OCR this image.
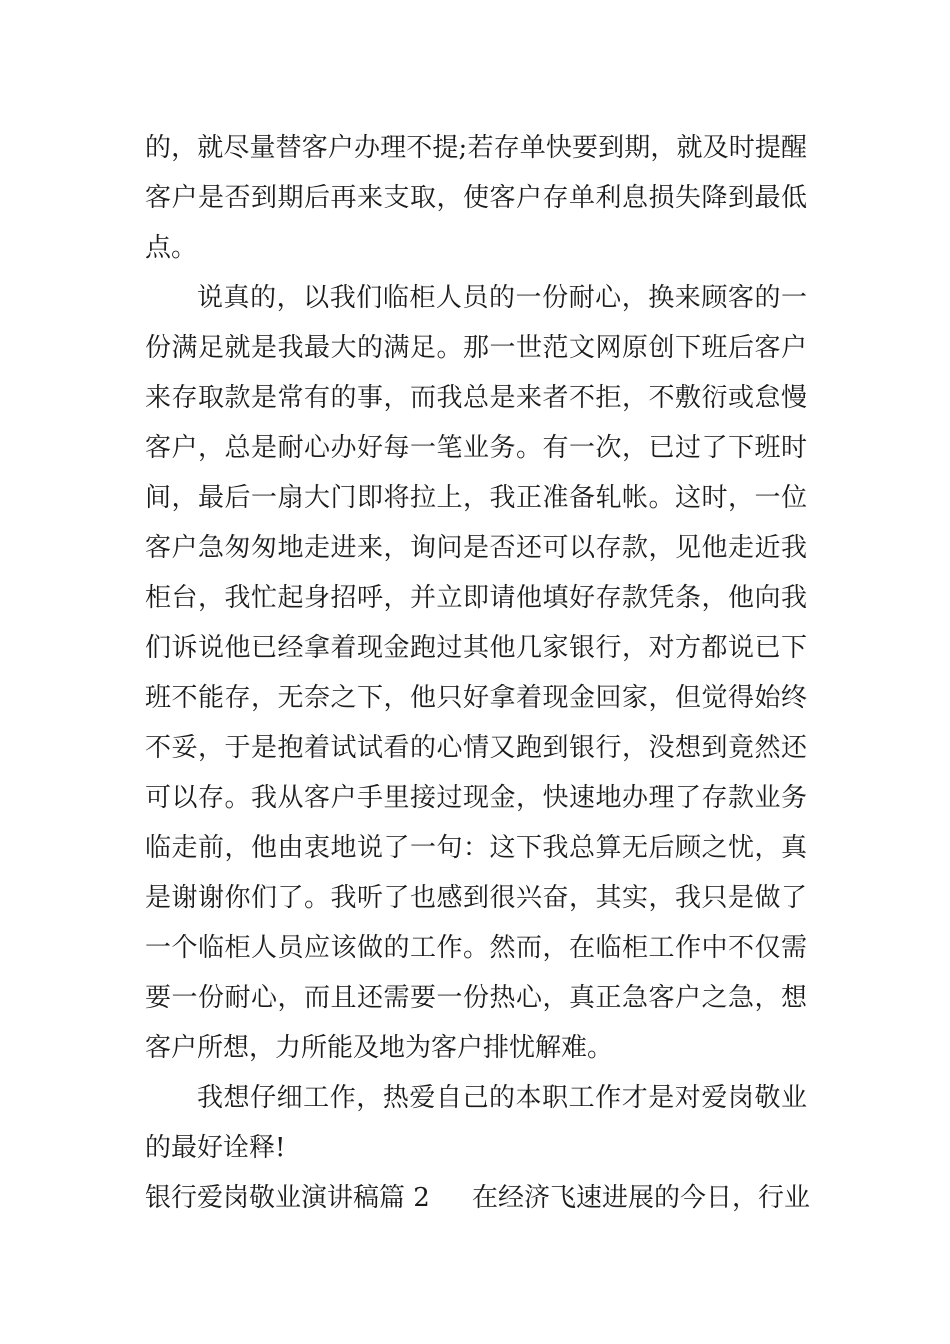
的，就尽量替客户办理不提;若存单快要到期，就及时提醒
客户是否到期后再来支取，使客户存单利息损失降到最低
点。
说真的，以我们临柜人员的一份耐心，换来顾客的一
份满足就是我最大的满足。那一世范文网原创下班后客户
来存取款是常有的事，而我总是来者不拒，不敷衍或怠慢
客户，总是耐心办好每一笔业务。有一次，已过了下班时
间，最后一扇大门即将拉上，我正准备轧帐。这时，一位
客户急匆匆地走进来，询问是否还可以存款，见他走近我
柜台，我忙起身招呼，并立即请他填好存款凭条，他向我
们诉说他已经拿着现金跑过其他几家银行，对方都说已下
班不能存，无奈之下，他只好拿着现金回家，但觉得始终
不妥，于是抱着试试看的心情又跑到银行，没想到竟然还
可以存。我从客户手里接过现金，快速地办理了存款业务
临走前，他由衷地说了一句：这下我总算无后顾之忧，真
是谢谢你们了。我听了也感到很兴奋，其实，我只是做了
一个临柜人员应该做的工作。然而，在临柜工作中不仅需
要一份耐心，而且还需要一份热心，真正急客户之急，想
客户所想，力所能及地为客户排忧解难。
我想仔细工作，热爱自己的本职工作才是对爱岗敬业
的最好诠释!
银行爱岗敬业演讲稿篇 2 在经济飞速进展的今日，行业
